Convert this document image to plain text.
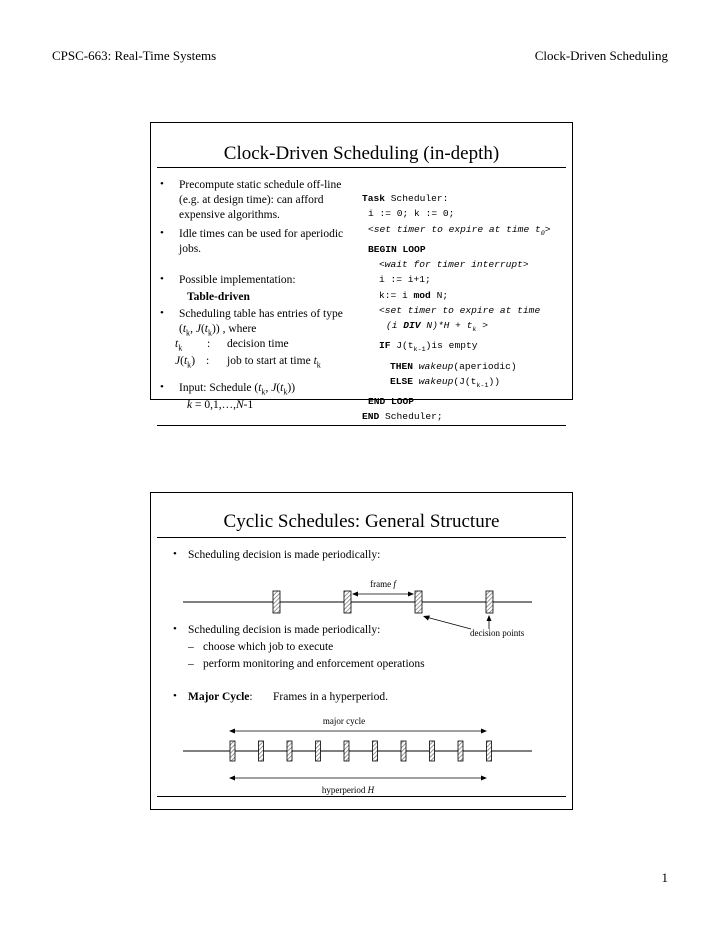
CPSC-663: Real-Time Systems	Clock-Driven Scheduling
Clock-Driven Scheduling (in-depth)
• Precompute static schedule off-line
(e.g. at design time): can afford
expensive algorithms.
• Idle times can be used for aperiodic
jobs.
• Possible implementation:
Table-driven
• Scheduling table has entries of type
($t_k$, $J(t_k)$) , where
$t_k$ : decision time
$J(t_k)$ : job to start at time $t_k$
• Input: Schedule ($t_k$, $J(t_k)$)
k = 0,1,…,N-1
Task Scheduler:
i := 0; k := 0;
<set timer to expire at time $t_0>$
BEGIN LOOP
<wait for timer interrupt>
i := i+1;
k:= i mod N;
<set timer to expire at time
(i DIV $N)*H + t_k$ >
IF $J(t_{k-1})is$ empty
THEN wakeup(aperiodic)
ELSE $wakeup(J(t_{k-1}))$
END LOOP
END Scheduler;
Cyclic Schedules: General Structure
• Scheduling decision is made periodically:
frame f
• Scheduling decision is made periodically:	decision points
– choose which job to execute
– perform monitoring and enforcement operations
• Major Cycle: Frames in a hyperperiod.
major cycle
hyperperiod H
1
